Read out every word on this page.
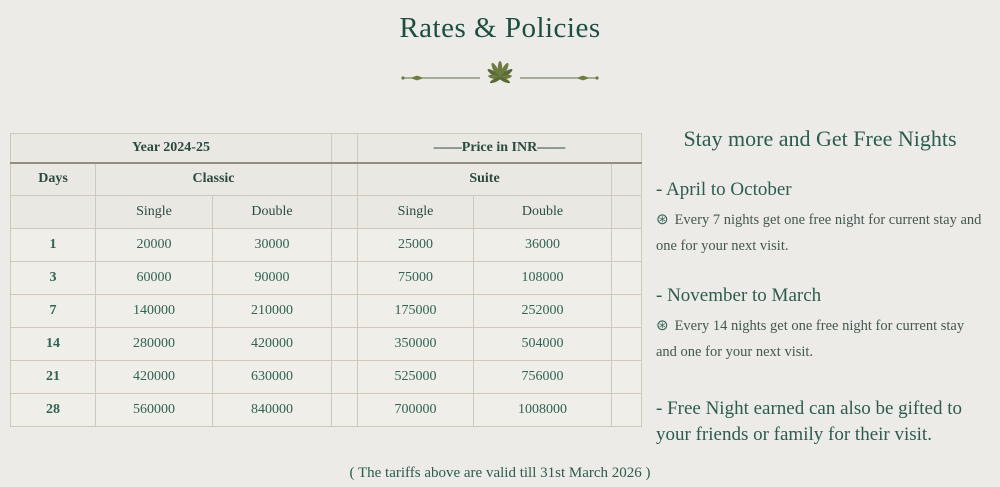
Rates & Policies
Year 2024-25				——Price in INR——		
Days	Classic			Suite		
	Single	Double		Single	Double	
1	20000	30000		25000	36000	
3	60000	90000		75000	108000	
7	140000	210000		175000	252000	
14	280000	420000		350000	504000	
21	420000	630000		525000	756000	
28	560000	840000		700000	1008000	
Stay more and Get Free Nights
- April to October

⊛ Every 7 nights get one free night for current stay and one for your next visit.

- November to March

⊛ Every 14 nights get one free night for current stay and one for your next visit.

- Free Night earned can also be gifted to your friends or family for their visit.

( The tariffs above are valid till 31st March 2026 )
